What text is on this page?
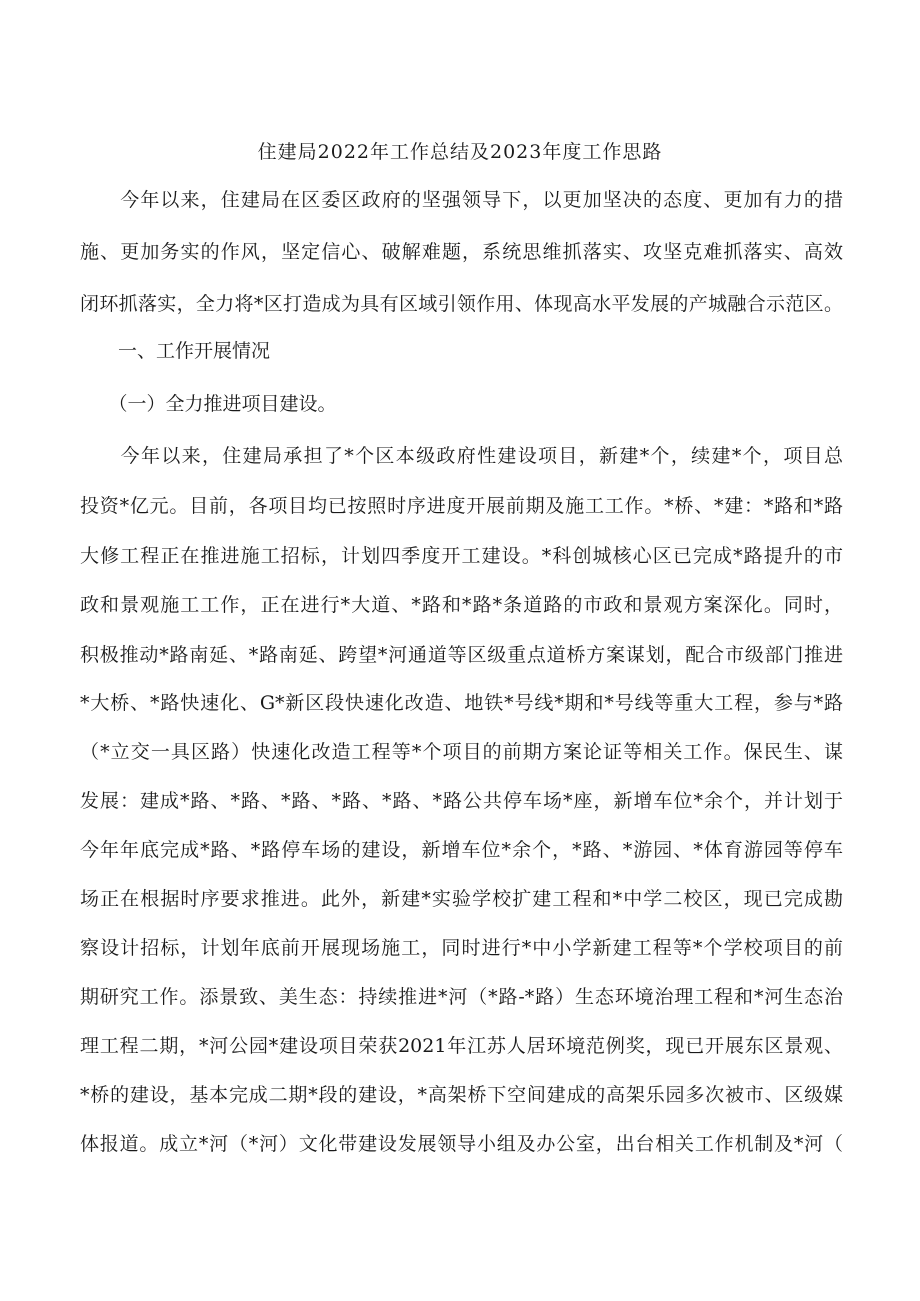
住建局2022年工作总结及2023年度工作思路
　　今年以来，住建局在区委区政府的坚强领导下，以更加坚决的态度、更加有力的措
施、更加务实的作风，坚定信心、破解难题，系统思维抓落实、攻坚克难抓落实、高效
闭环抓落实，全力将*区打造成为具有区域引领作用、体现高水平发展的产城融合示范区。
　　一、工作开展情况
　　（一）全力推进项目建设。
　　今年以来，住建局承担了*个区本级政府性建设项目，新建*个，续建*个，项目总
投资*亿元。目前，各项目均已按照时序进度开展前期及施工工作。*桥、*建：*路和*路
大修工程正在推进施工招标，计划四季度开工建设。*科创城核心区已完成*路提升的市
政和景观施工工作，正在进行*大道、*路和*路*条道路的市政和景观方案深化。同时，
积极推动*路南延、*路南延、跨望*河通道等区级重点道桥方案谋划，配合市级部门推进
*大桥、*路快速化、G*新区段快速化改造、地铁*号线*期和*号线等重大工程，参与*路
（*立交一具区路）快速化改造工程等*个项目的前期方案论证等相关工作。保民生、谋
发展：建成*路、*路、*路、*路、*路、*路公共停车场*座，新增车位*余个，并计划于
今年年底完成*路、*路停车场的建设，新增车位*余个，*路、*游园、*体育游园等停车
场正在根据时序要求推进。此外，新建*实验学校扩建工程和*中学二校区，现已完成勘
察设计招标，计划年底前开展现场施工，同时进行*中小学新建工程等*个学校项目的前
期研究工作。添景致、美生态：持续推进*河（*路-*路）生态环境治理工程和*河生态治
理工程二期，*河公园*建设项目荣获2021年江苏人居环境范例奖，现已开展东区景观、
*桥的建设，基本完成二期*段的建设，*高架桥下空间建成的高架乐园多次被市、区级媒
体报道。成立*河（*河）文化带建设发展领导小组及办公室，出台相关工作机制及*河（
